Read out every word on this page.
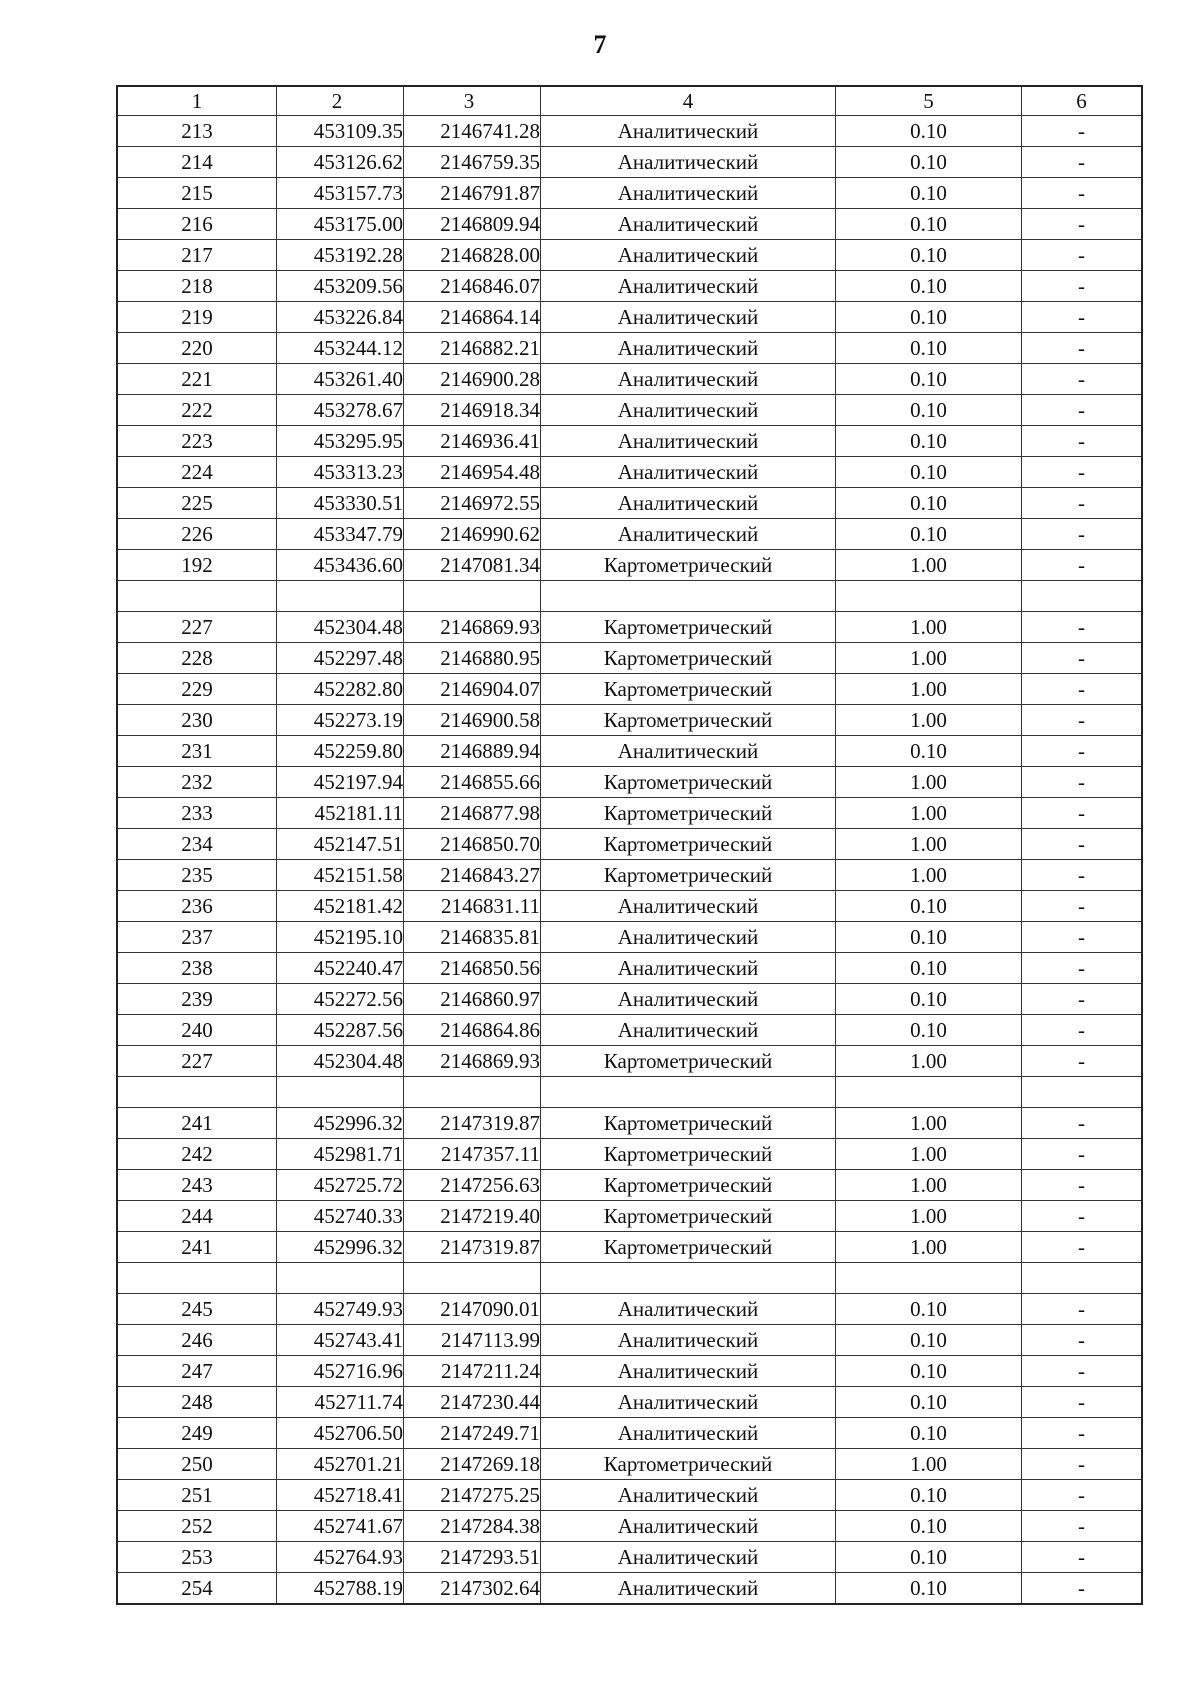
7
1	2	3	4	5	6
213	453109.35	2146741.28	Аналитический	0.10	-
214	453126.62	2146759.35	Аналитический	0.10	-
215	453157.73	2146791.87	Аналитический	0.10	-
216	453175.00	2146809.94	Аналитический	0.10	-
217	453192.28	2146828.00	Аналитический	0.10	-
218	453209.56	2146846.07	Аналитический	0.10	-
219	453226.84	2146864.14	Аналитический	0.10	-
220	453244.12	2146882.21	Аналитический	0.10	-
221	453261.40	2146900.28	Аналитический	0.10	-
222	453278.67	2146918.34	Аналитический	0.10	-
223	453295.95	2146936.41	Аналитический	0.10	-
224	453313.23	2146954.48	Аналитический	0.10	-
225	453330.51	2146972.55	Аналитический	0.10	-
226	453347.79	2146990.62	Аналитический	0.10	-
192	453436.60	2147081.34	Картометрический	1.00	-

227	452304.48	2146869.93	Картометрический	1.00	-
228	452297.48	2146880.95	Картометрический	1.00	-
229	452282.80	2146904.07	Картометрический	1.00	-
230	452273.19	2146900.58	Картометрический	1.00	-
231	452259.80	2146889.94	Аналитический	0.10	-
232	452197.94	2146855.66	Картометрический	1.00	-
233	452181.11	2146877.98	Картометрический	1.00	-
234	452147.51	2146850.70	Картометрический	1.00	-
235	452151.58	2146843.27	Картометрический	1.00	-
236	452181.42	2146831.11	Аналитический	0.10	-
237	452195.10	2146835.81	Аналитический	0.10	-
238	452240.47	2146850.56	Аналитический	0.10	-
239	452272.56	2146860.97	Аналитический	0.10	-
240	452287.56	2146864.86	Аналитический	0.10	-
227	452304.48	2146869.93	Картометрический	1.00	-

241	452996.32	2147319.87	Картометрический	1.00	-
242	452981.71	2147357.11	Картометрический	1.00	-
243	452725.72	2147256.63	Картометрический	1.00	-
244	452740.33	2147219.40	Картометрический	1.00	-
241	452996.32	2147319.87	Картометрический	1.00	-

245	452749.93	2147090.01	Аналитический	0.10	-
246	452743.41	2147113.99	Аналитический	0.10	-
247	452716.96	2147211.24	Аналитический	0.10	-
248	452711.74	2147230.44	Аналитический	0.10	-
249	452706.50	2147249.71	Аналитический	0.10	-
250	452701.21	2147269.18	Картометрический	1.00	-
251	452718.41	2147275.25	Аналитический	0.10	-
252	452741.67	2147284.38	Аналитический	0.10	-
253	452764.93	2147293.51	Аналитический	0.10	-
254	452788.19	2147302.64	Аналитический	0.10	-
